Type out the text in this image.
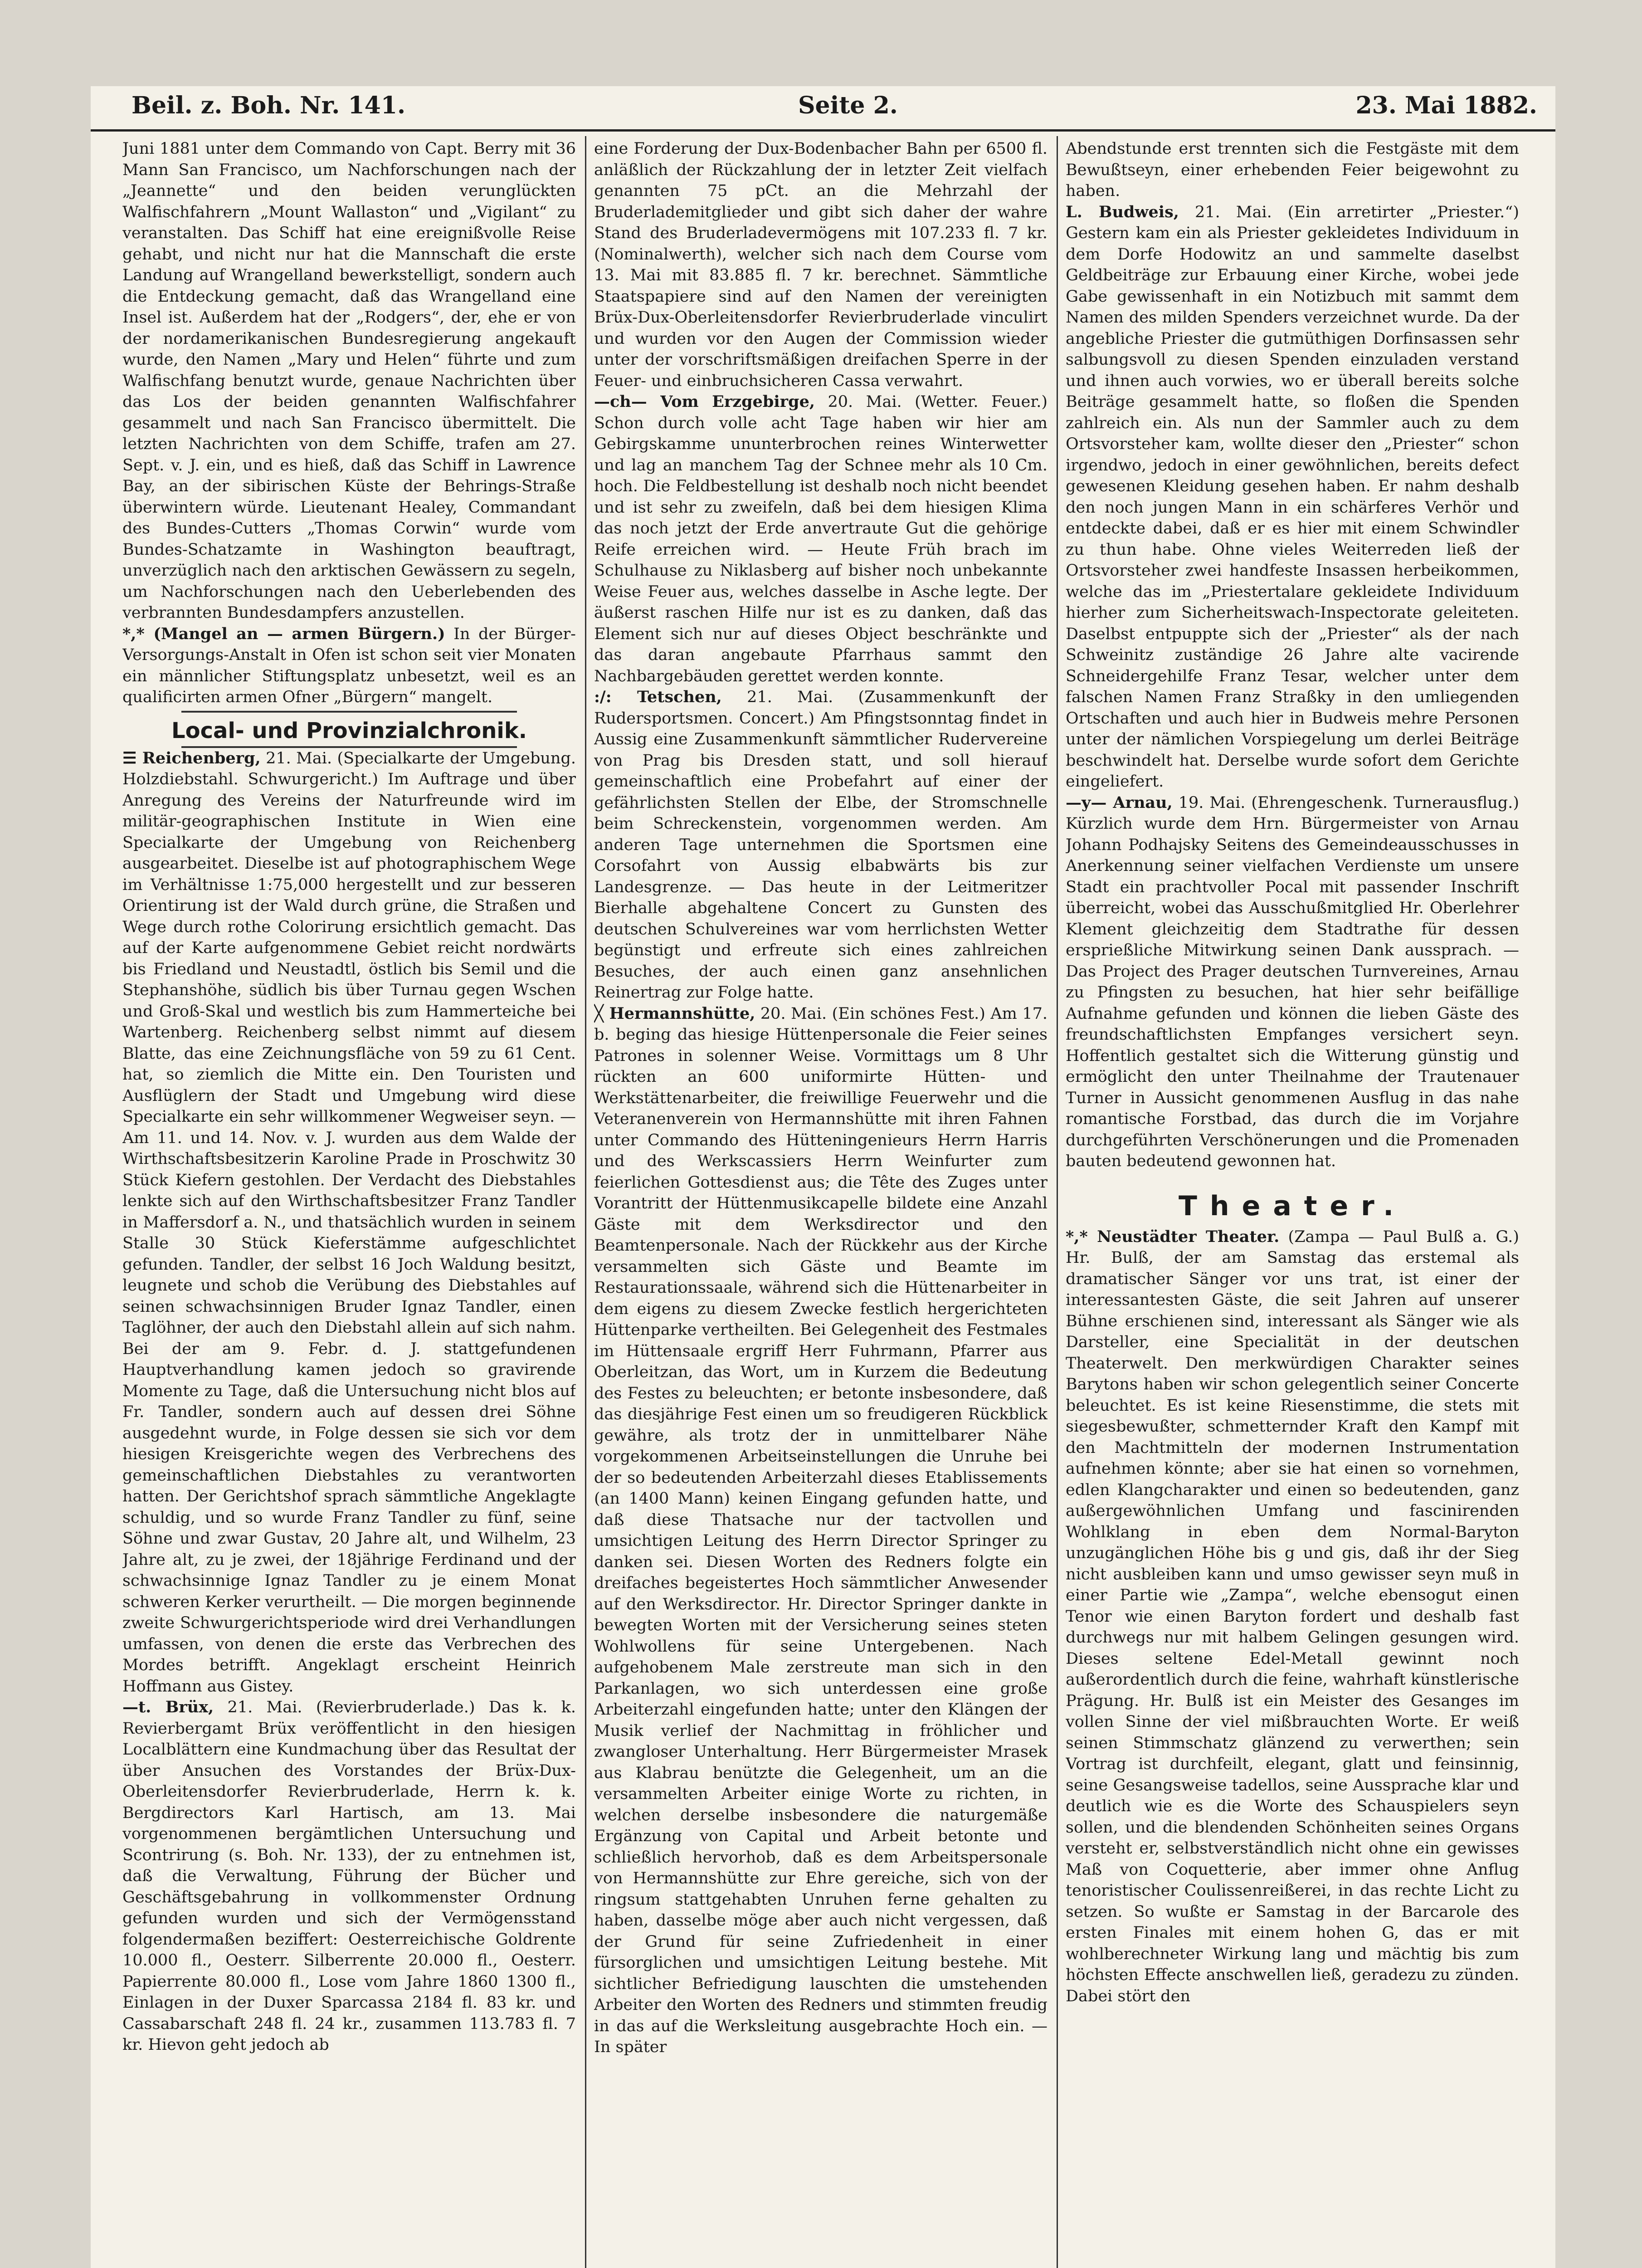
Beil. z. Boh. Nr. 141.	Seite 2.	23. Mai 1882.

Juni 1881 unter dem Commando von Capt. Berry mit 36 Mann San Francisco, um Nachforschungen nach der „Jeannette“ und den beiden verunglückten Walfischfahrern „Mount Wallaston“ und „Vigilant“ zu veranstalten. Das Schiff hat eine ereignißvolle Reise gehabt, und nicht nur hat die Mannschaft die erste Landung auf Wrangelland bewerkstelligt, sondern auch die Entdeckung gemacht, daß das Wrangelland eine Insel ist. Außerdem hat der „Rodgers“, der, ehe er von der nordamerikanischen Bundesregierung angekauft wurde, den Namen „Mary und Helen“ führte und zum Walfischfang benutzt wurde, genaue Nachrichten über das Los der beiden genannten Walfischfahrer gesammelt und nach San Francisco übermittelt. Die letzten Nachrichten von dem Schiffe, trafen am 27. Sept. v. J. ein, und es hieß, daß das Schiff in Lawrence Bay, an der sibirischen Küste der Behrings-Straße überwintern würde. Lieutenant Healey, Commandant des Bundes-Cutters „Thomas Corwin“ wurde vom Bundes-Schatzamte in Washington beauftragt, unverzüglich nach den arktischen Gewässern zu segeln, um Nachforschungen nach den Ueberlebenden des verbrannten Bundesdampfers anzustellen.

*,* (Mangel an — armen Bürgern.) In der Bürger-Versorgungs-Anstalt in Ofen ist schon seit vier Monaten ein männlicher Stiftungsplatz unbesetzt, weil es an qualificirten armen Ofner „Bürgern“ mangelt.

Local- und Provinzialchronik.

☰ Reichenberg, 21. Mai. (Specialkarte der Umgebung. Holzdiebstahl. Schwurgericht.) Im Auftrage und über Anregung des Vereins der Naturfreunde wird im militär-geographischen Institute in Wien eine Specialkarte der Umgebung von Reichenberg ausgearbeitet. Dieselbe ist auf photographischem Wege im Verhältnisse 1:75,000 hergestellt und zur besseren Orientirung ist der Wald durch grüne, die Straßen und Wege durch rothe Colorirung ersichtlich gemacht. Das auf der Karte aufgenommene Gebiet reicht nordwärts bis Friedland und Neustadtl, östlich bis Semil und die Stephanshöhe, südlich bis über Turnau gegen Wschen und Groß-Skal und westlich bis zum Hammerteiche bei Wartenberg. Reichenberg selbst nimmt auf diesem Blatte, das eine Zeichnungsfläche von 59 zu 61 Cent. hat, so ziemlich die Mitte ein. Den Touristen und Ausflüglern der Stadt und Umgebung wird diese Specialkarte ein sehr willkommener Wegweiser seyn. — Am 11. und 14. Nov. v. J. wurden aus dem Walde der Wirthschaftsbesitzerin Karoline Prade in Proschwitz 30 Stück Kiefern gestohlen. Der Verdacht des Diebstahles lenkte sich auf den Wirthschaftsbesitzer Franz Tandler in Maffersdorf a. N., und thatsächlich wurden in seinem Stalle 30 Stück Kieferstämme aufgeschlichtet gefunden. Tandler, der selbst 16 Joch Waldung besitzt, leugnete und schob die Verübung des Diebstahles auf seinen schwachsinnigen Bruder Ignaz Tandler, einen Taglöhner, der auch den Diebstahl allein auf sich nahm. Bei der am 9. Febr. d. J. stattgefundenen Hauptverhandlung kamen jedoch so gravirende Momente zu Tage, daß die Untersuchung nicht blos auf Fr. Tandler, sondern auch auf dessen drei Söhne ausgedehnt wurde, in Folge dessen sie sich vor dem hiesigen Kreisgerichte wegen des Verbrechens des gemeinschaftlichen Diebstahles zu verantworten hatten. Der Gerichtshof sprach sämmtliche Angeklagte schuldig, und so wurde Franz Tandler zu fünf, seine Söhne und zwar Gustav, 20 Jahre alt, und Wilhelm, 23 Jahre alt, zu je zwei, der 18jährige Ferdinand und der schwachsinnige Ignaz Tandler zu je einem Monat schweren Kerker verurtheilt. — Die morgen beginnende zweite Schwurgerichtsperiode wird drei Verhandlungen umfassen, von denen die erste das Verbrechen des Mordes betrifft. Angeklagt erscheint Heinrich Hoffmann aus Gistey.

—t. Brüx, 21. Mai. (Revierbruderlade.) Das k. k. Revierbergamt Brüx veröffentlicht in den hiesigen Localblättern eine Kundmachung über das Resultat der über Ansuchen des Vorstandes der Brüx-Dux-Oberleitensdorfer Revierbruderlade, Herrn k. k. Bergdirectors Karl Hartisch, am 13. Mai vorgenommenen bergämtlichen Untersuchung und Scontrirung (s. Boh. Nr. 133), der zu entnehmen ist, daß die Verwaltung, Führung der Bücher und Geschäftsgebahrung in vollkommenster Ordnung gefunden wurden und sich der Vermögensstand folgendermaßen beziffert: Oesterreichische Goldrente 10.000 fl., Oesterr. Silberrente 20.000 fl., Oesterr. Papierrente 80.000 fl., Lose vom Jahre 1860 1300 fl., Einlagen in der Duxer Sparcassa 2184 fl. 83 kr. und Cassabarschaft 248 fl. 24 kr., zusammen 113.783 fl. 7 kr. Hievon geht jedoch ab

eine Forderung der Dux-Bodenbacher Bahn per 6500 fl. anläßlich der Rückzahlung der in letzter Zeit vielfach genannten 75 pCt. an die Mehrzahl der Bruderlademitglieder und gibt sich daher der wahre Stand des Bruderladevermögens mit 107.233 fl. 7 kr. (Nominalwerth), welcher sich nach dem Course vom 13. Mai mit 83.885 fl. 7 kr. berechnet. Sämmtliche Staatspapiere sind auf den Namen der vereinigten Brüx-Dux-Oberleitensdorfer Revierbruderlade vinculirt und wurden vor den Augen der Commission wieder unter der vorschriftsmäßigen dreifachen Sperre in der Feuer- und einbruchsicheren Cassa verwahrt.

—ch— Vom Erzgebirge, 20. Mai. (Wetter. Feuer.) Schon durch volle acht Tage haben wir hier am Gebirgskamme ununterbrochen reines Winterwetter und lag an manchem Tag der Schnee mehr als 10 Cm. hoch. Die Feldbestellung ist deshalb noch nicht beendet und ist sehr zu zweifeln, daß bei dem hiesigen Klima das noch jetzt der Erde anvertraute Gut die gehörige Reife erreichen wird. — Heute Früh brach im Schulhause zu Niklasberg auf bisher noch unbekannte Weise Feuer aus, welches dasselbe in Asche legte. Der äußerst raschen Hilfe nur ist es zu danken, daß das Element sich nur auf dieses Object beschränkte und das daran angebaute Pfarrhaus sammt den Nachbargebäuden gerettet werden konnte.

:/: Tetschen, 21. Mai. (Zusammenkunft der Rudersportsmen. Concert.) Am Pfingstsonntag findet in Aussig eine Zusammenkunft sämmtlicher Rudervereine von Prag bis Dresden statt, und soll hierauf gemeinschaftlich eine Probefahrt auf einer der gefährlichsten Stellen der Elbe, der Stromschnelle beim Schreckenstein, vorgenommen werden. Am anderen Tage unternehmen die Sportsmen eine Corsofahrt von Aussig elbabwärts bis zur Landesgrenze. — Das heute in der Leitmeritzer Bierhalle abgehaltene Concert zu Gunsten des deutschen Schulvereines war vom herrlichsten Wetter begünstigt und erfreute sich eines zahlreichen Besuches, der auch einen ganz ansehnlichen Reinertrag zur Folge hatte.

╳ Hermannshütte, 20. Mai. (Ein schönes Fest.) Am 17. b. beging das hiesige Hüttenpersonale die Feier seines Patrones in solenner Weise. Vormittags um 8 Uhr rückten an 600 uniformirte Hütten- und Werkstättenarbeiter, die freiwillige Feuerwehr und die Veteranenverein von Hermannshütte mit ihren Fahnen unter Commando des Hütteningenieurs Herrn Harris und des Werkscassiers Herrn Weinfurter zum feierlichen Gottesdienst aus; die Tête des Zuges unter Vorantritt der Hüttenmusikcapelle bildete eine Anzahl Gäste mit dem Werksdirector und den Beamtenpersonale. Nach der Rückkehr aus der Kirche versammelten sich Gäste und Beamte im Restaurationssaale, während sich die Hüttenarbeiter in dem eigens zu diesem Zwecke festlich hergerichteten Hüttenparke vertheilten. Bei Gelegenheit des Festmales im Hüttensaale ergriff Herr Fuhrmann, Pfarrer aus Oberleitzan, das Wort, um in Kurzem die Bedeutung des Festes zu beleuchten; er betonte insbesondere, daß das diesjährige Fest einen um so freudigeren Rückblick gewähre, als trotz der in unmittelbarer Nähe vorgekommenen Arbeitseinstellungen die Unruhe bei der so bedeutenden Arbeiterzahl dieses Etablissements (an 1400 Mann) keinen Eingang gefunden hatte, und daß diese Thatsache nur der tactvollen und umsichtigen Leitung des Herrn Director Springer zu danken sei. Diesen Worten des Redners folgte ein dreifaches begeistertes Hoch sämmtlicher Anwesender auf den Werksdirector. Hr. Director Springer dankte in bewegten Worten mit der Versicherung seines steten Wohlwollens für seine Untergebenen. Nach aufgehobenem Male zerstreute man sich in den Parkanlagen, wo sich unterdessen eine große Arbeiterzahl eingefunden hatte; unter den Klängen der Musik verlief der Nachmittag in fröhlicher und zwangloser Unterhaltung. Herr Bürgermeister Mrasek aus Klabrau benützte die Gelegenheit, um an die versammelten Arbeiter einige Worte zu richten, in welchen derselbe insbesondere die naturgemäße Ergänzung von Capital und Arbeit betonte und schließlich hervorhob, daß es dem Arbeitspersonale von Hermannshütte zur Ehre gereiche, sich von der ringsum stattgehabten Unruhen ferne gehalten zu haben, dasselbe möge aber auch nicht vergessen, daß der Grund für seine Zufriedenheit in einer fürsorglichen und umsichtigen Leitung bestehe. Mit sichtlicher Befriedigung lauschten die umstehenden Arbeiter den Worten des Redners und stimmten freudig in das auf die Werksleitung ausgebrachte Hoch ein. — In später

Abendstunde erst trennten sich die Festgäste mit dem Bewußtseyn, einer erhebenden Feier beigewohnt zu haben.

L. Budweis, 21. Mai. (Ein arretirter „Priester.“) Gestern kam ein als Priester gekleidetes Individuum in dem Dorfe Hodowitz an und sammelte daselbst Geldbeiträge zur Erbauung einer Kirche, wobei jede Gabe gewissenhaft in ein Notizbuch mit sammt dem Namen des milden Spenders verzeichnet wurde. Da der angebliche Priester die gutmüthigen Dorfinsassen sehr salbungsvoll zu diesen Spenden einzuladen verstand und ihnen auch vorwies, wo er überall bereits solche Beiträge gesammelt hatte, so floßen die Spenden zahlreich ein. Als nun der Sammler auch zu dem Ortsvorsteher kam, wollte dieser den „Priester“ schon irgendwo, jedoch in einer gewöhnlichen, bereits defect gewesenen Kleidung gesehen haben. Er nahm deshalb den noch jungen Mann in ein schärferes Verhör und entdeckte dabei, daß er es hier mit einem Schwindler zu thun habe. Ohne vieles Weiterreden ließ der Ortsvorsteher zwei handfeste Insassen herbeikommen, welche das im „Priestertalare gekleidete Individuum hierher zum Sicherheitswach-Inspectorate geleiteten. Daselbst entpuppte sich der „Priester“ als der nach Schweinitz zuständige 26 Jahre alte vacirende Schneidergehilfe Franz Tesar, welcher unter dem falschen Namen Franz Straßky in den umliegenden Ortschaften und auch hier in Budweis mehre Personen unter der nämlichen Vorspiegelung um derlei Beiträge beschwindelt hat. Derselbe wurde sofort dem Gerichte eingeliefert.

—y— Arnau, 19. Mai. (Ehrengeschenk. Turnerausflug.) Kürzlich wurde dem Hrn. Bürgermeister von Arnau Johann Podhajsky Seitens des Gemeindeausschusses in Anerkennung seiner vielfachen Verdienste um unsere Stadt ein prachtvoller Pocal mit passender Inschrift überreicht, wobei das Ausschußmitglied Hr. Oberlehrer Klement gleichzeitig dem Stadtrathe für dessen ersprießliche Mitwirkung seinen Dank aussprach. — Das Project des Prager deutschen Turnvereines, Arnau zu Pfingsten zu besuchen, hat hier sehr beifällige Aufnahme gefunden und können die lieben Gäste des freundschaftlichsten Empfanges versichert seyn. Hoffentlich gestaltet sich die Witterung günstig und ermöglicht den unter Theilnahme der Trautenauer Turner in Aussicht genommenen Ausflug in das nahe romantische Forstbad, das durch die im Vorjahre durchgeführten Verschönerungen und die Promenaden bauten bedeutend gewonnen hat.

Theater.

*,* Neustädter Theater. (Zampa — Paul Bulß a. G.) Hr. Bulß, der am Samstag das erstemal als dramatischer Sänger vor uns trat, ist einer der interessantesten Gäste, die seit Jahren auf unserer Bühne erschienen sind, interessant als Sänger wie als Darsteller, eine Specialität in der deutschen Theaterwelt. Den merkwürdigen Charakter seines Barytons haben wir schon gelegentlich seiner Concerte beleuchtet. Es ist keine Riesenstimme, die stets mit siegesbewußter, schmetternder Kraft den Kampf mit den Machtmitteln der modernen Instrumentation aufnehmen könnte; aber sie hat einen so vornehmen, edlen Klangcharakter und einen so bedeutenden, ganz außergewöhnlichen Umfang und fascinirenden Wohlklang in eben dem Normal-Baryton unzugänglichen Höhe bis g und gis, daß ihr der Sieg nicht ausbleiben kann und umso gewisser seyn muß in einer Partie wie „Zampa“, welche ebensogut einen Tenor wie einen Baryton fordert und deshalb fast durchwegs nur mit halbem Gelingen gesungen wird. Dieses seltene Edel-Metall gewinnt noch außerordentlich durch die feine, wahrhaft künstlerische Prägung. Hr. Bulß ist ein Meister des Gesanges im vollen Sinne der viel mißbrauchten Worte. Er weiß seinen Stimmschatz glänzend zu verwerthen; sein Vortrag ist durchfeilt, elegant, glatt und feinsinnig, seine Gesangsweise tadellos, seine Aussprache klar und deutlich wie es die Worte des Schauspielers seyn sollen, und die blendenden Schönheiten seines Organs versteht er, selbstverständlich nicht ohne ein gewisses Maß von Coquetterie, aber immer ohne Anflug tenoristischer Coulissenreißerei, in das rechte Licht zu setzen. So wußte er Samstag in der Barcarole des ersten Finales mit einem hohen G, das er mit wohlberechneter Wirkung lang und mächtig bis zum höchsten Effecte anschwellen ließ, geradezu zu zünden. Dabei stört den
